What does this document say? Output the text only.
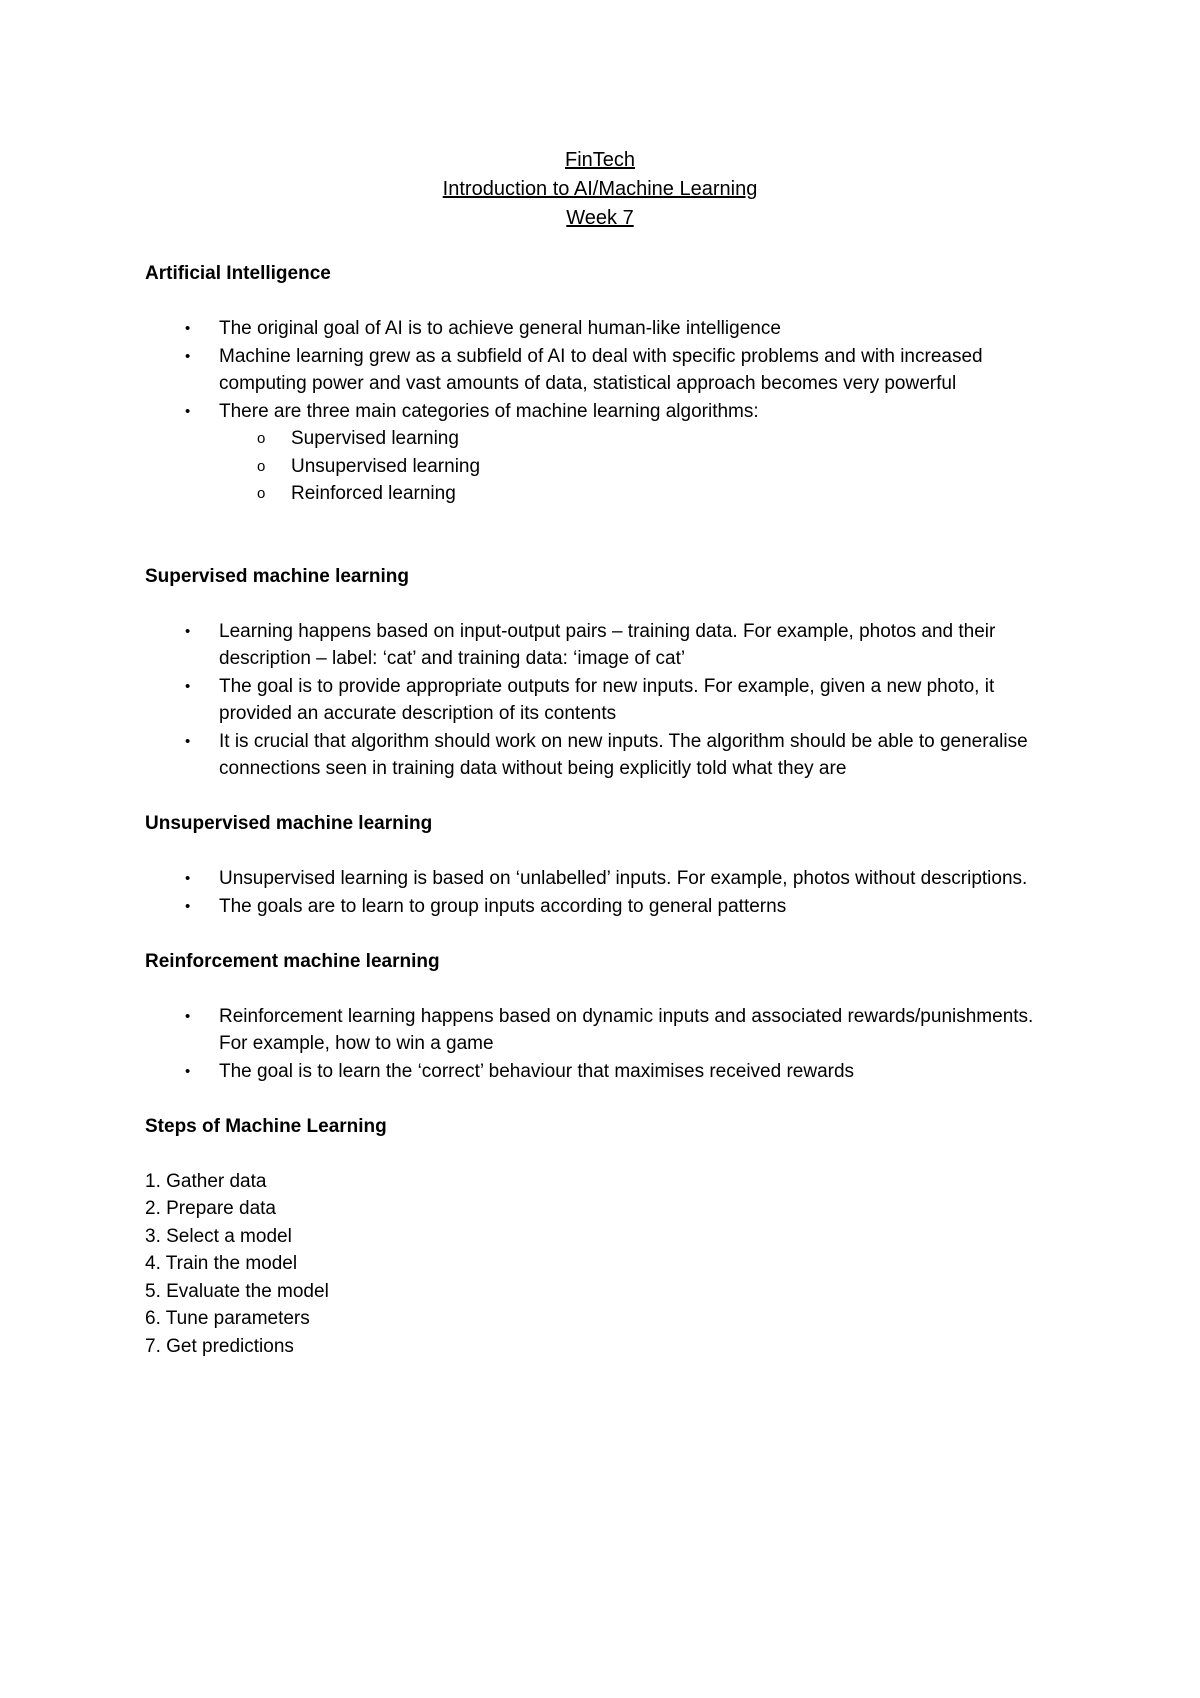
FinTech
Introduction to AI/Machine Learning
Week 7
Artificial Intelligence
• The original goal of AI is to achieve general human-like intelligence
• Machine learning grew as a subfield of AI to deal with specific problems and with increased computing power and vast amounts of data, statistical approach becomes very powerful
• There are three main categories of machine learning algorithms:
o Supervised learning
o Unsupervised learning
o Reinforced learning
Supervised machine learning
• Learning happens based on input-output pairs – training data. For example, photos and their description – label: ‘cat’ and training data: ‘image of cat’
• The goal is to provide appropriate outputs for new inputs. For example, given a new photo, it provided an accurate description of its contents
• It is crucial that algorithm should work on new inputs. The algorithm should be able to generalise connections seen in training data without being explicitly told what they are
Unsupervised machine learning
• Unsupervised learning is based on ‘unlabelled’ inputs. For example, photos without descriptions.
• The goals are to learn to group inputs according to general patterns
Reinforcement machine learning
• Reinforcement learning happens based on dynamic inputs and associated rewards/punishments. For example, how to win a game
• The goal is to learn the ‘correct’ behaviour that maximises received rewards
Steps of Machine Learning
1. Gather data
2. Prepare data
3. Select a model
4. Train the model
5. Evaluate the model
6. Tune parameters
7. Get predictions
